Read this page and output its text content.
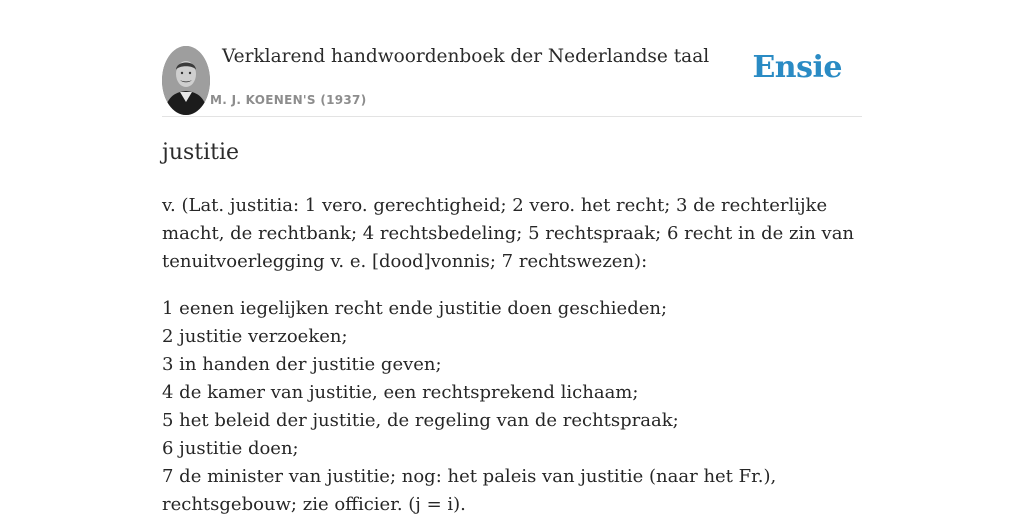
Verklarend handwoordenboek der Nederlandse taal
M. J. KOENEN'S (1937)
Ensie
justitie

v. (Lat. justitia: 1 vero. gerechtigheid; 2 vero. het recht; 3 de rechterlijke macht, de rechtbank; 4 rechtsbedeling; 5 rechtspraak; 6 recht in de zin van tenuitvoerlegging v. e. [dood]vonnis; 7 rechtswezen):

1 eenen iegelijken recht ende justitie doen geschieden;
2 justitie verzoeken;
3 in handen der justitie geven;
4 de kamer van justitie, een rechtsprekend lichaam;
5 het beleid der justitie, de regeling van de rechtspraak;
6 justitie doen;
7 de minister van justitie; nog: het paleis van justitie (naar het Fr.), rechtsgebouw; zie officier. (j = i).
